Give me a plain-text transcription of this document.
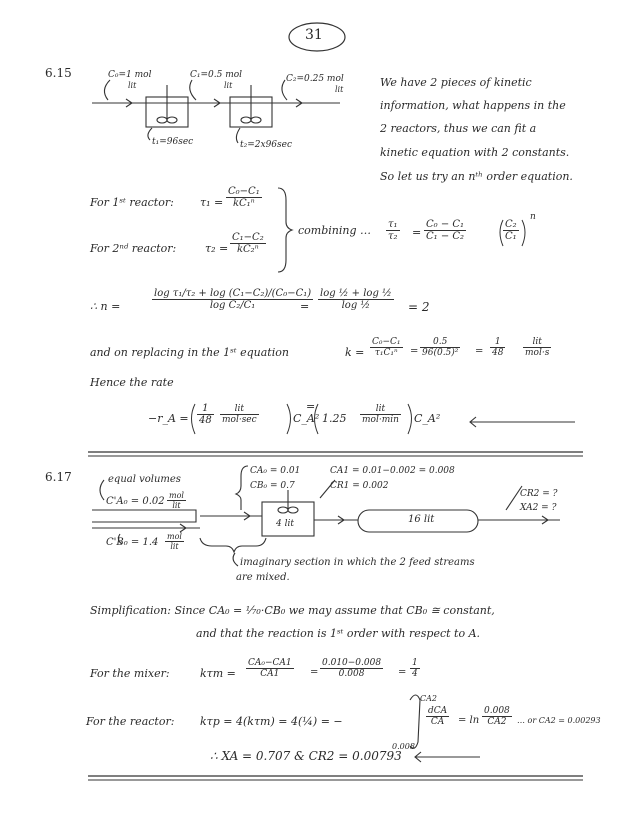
31
6.15	C₀=1 mol
lit
C₁=0.5 mol
lit
C₂=0.25 mol
lit
t₁=96sec	t₂=2x96sec
We have 2 pieces of kinetic
information, what happens in the
2 reactors, thus we can fit a
kinetic equation with 2 constants.
So let us try an nᵗʰ order equation.
For 1ˢᵗ reactor: $\tau_1 = \frac{\text{C₀−C₁}}{\text{kC₁ⁿ}}$
For 2ⁿᵈ reactor:	$\tau_2 = \frac{\text{C₁−C₂}}{\text{kC₂ⁿ}}$
combining … $\frac{\text{τ₁}}{\text{τ₂}} = \frac{\text{C₀ − C₁}}{\text{C₁ − C₂}}$	$\frac{\text{C₂}}{\text{C₁}}$
n
∴ n =	$\frac{\text{log τ₁/τ₂ + log (C₁−C₂)/(C₀−C₁)}}{\text{log C₂/C₁}}$
= $\frac{\text{log ½ + log ½}}{\text{log ½}} = 2$
and on replacing in the 1ˢᵗ equation	$k = \frac{\text{C₀−C₁}}{\text{τ₁C₁ⁿ}} = \frac{0.5}{\text{96(0.5)²}} = \frac{1}{48}$	lit
mol·s
Hence the rate
−r_A = $\frac{1}{48}$	lit
mol·sec	C_A²
=
1.25
lit
mol·min C_A²
6.17	equal volumes
C'A₀ = 0.02
mol
lit
C'B₀ = 1.4
mol
lit
CA₀ = 0.01
CB₀ = 0.7
CA1 = 0.01−0.002 = 0.008
CR1 = 0.002
CR2 = ?
XA2 = ?
4 lit	16 lit
imaginary section in which the 2 feed streams
are mixed.
Simplification: Since CA₀ = ¹⁄₇₀·CB₀ we may assume that CB₀ ≅ constant,
and that the reaction is 1ˢᵗ order with respect to A.
For the mixer:	$k\tau m = \frac{\text{CA₀−CA1}}{CA1} = \frac{0.010-0.008}{0.008} = \frac{1}{4}$
For the reactor: kτp = 4(kτm) = 4(¼) = −
CA2
0.008
dCA
CA	= $\ln \frac{0.008}{CA2}$ … or CA2 = 0.00293
∴ XA = 0.707 & CR2 = 0.00793
